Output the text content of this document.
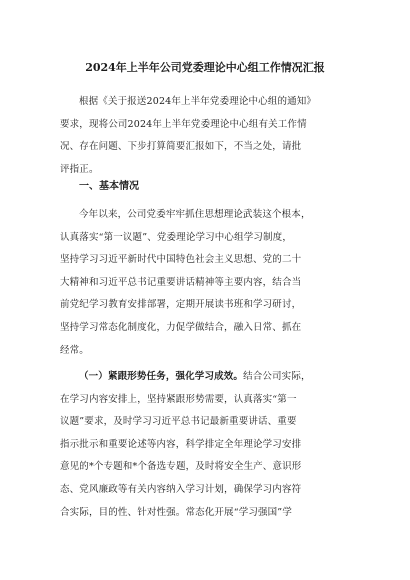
2024年上半年公司党委理论中心组工作情况汇报
根据《关于报送2024年上半年党委理论中心组的通知》
要求，现将公司2024年上半年党委理论中心组有关工作情
况、存在问题、下步打算简要汇报如下，不当之处，请批
评指正。
一、基本情况
今年以来，公司党委牢牢抓住思想理论武装这个根本，
认真落实“第一议题”、党委理论学习中心组学习制度，
坚持学习习近平新时代中国特色社会主义思想、党的二十
大精神和习近平总书记重要讲话精神等主要内容，结合当
前党纪学习教育安排部署，定期开展读书班和学习研讨，
坚持学习常态化制度化，力促学做结合，融入日常、抓在
经常。
（一）紧跟形势任务，强化学习成效。结合公司实际，
在学习内容安排上，坚持紧跟形势需要，认真落实“第一
议题”要求，及时学习习近平总书记最新重要讲话、重要
指示批示和重要论述等内容，科学排定全年理论学习安排
意见的*个专题和*个备选专题，及时将安全生产、意识形
态、党风廉政等有关内容纳入学习计划，确保学习内容符
合实际，目的性、针对性强。常态化开展“学习强国”学
